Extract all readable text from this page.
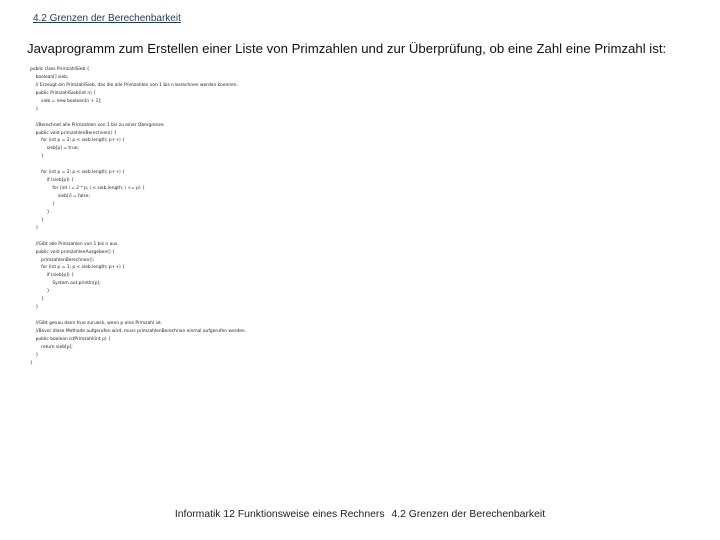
4.2 Grenzen der Berechenbarkeit
Javaprogramm zum Erstellen einer Liste von Primzahlen und zur Überprüfung, ob eine Zahl eine Primzahl ist:
public class PrimzahlSieb {
boolean[] sieb;
// Erzeugt ein PrimzahlSieb, das die alle Primzahlen von 1 bis n berechnen werden koennen.
public PrimzahlSieb(int n) {
sieb = new boolean[n + 1];
}
//Berechnet alle Primzahlen von 1 bis zu einer Obergrenze.
public void primzahlenBerechnen() {
for (int p = 2; p < sieb.length; p++) {
sieb[p] = true;
}
for (int p = 2; p < sieb.length; p++) {
if (sieb[p]) {
for (int i = 2 * p; i < sieb.length; i += p) {
sieb[i] = false;
}
}
}
}
//Gibt alle Primzahlen von 1 bis n aus.
public void primzahlenAusgeben() {
primzahlenBerechnen();
for (int p = 1; p < sieb.length; p++) {
if (sieb[p]) {
System.out.println(p);
}
}
}
//Gibt genau dann true zurueck, wenn p eine Primzahl ist.
//Bevor diese Methode aufgerufen wird, muss primzahlenBerechnen einmal aufgerufen werden.
public boolean istPrimzahl(int p) {
return sieb[p];
}
}
Informatik 12 Funktionsweise eines Rechners 4.2 Grenzen der Berechenbarkeit
